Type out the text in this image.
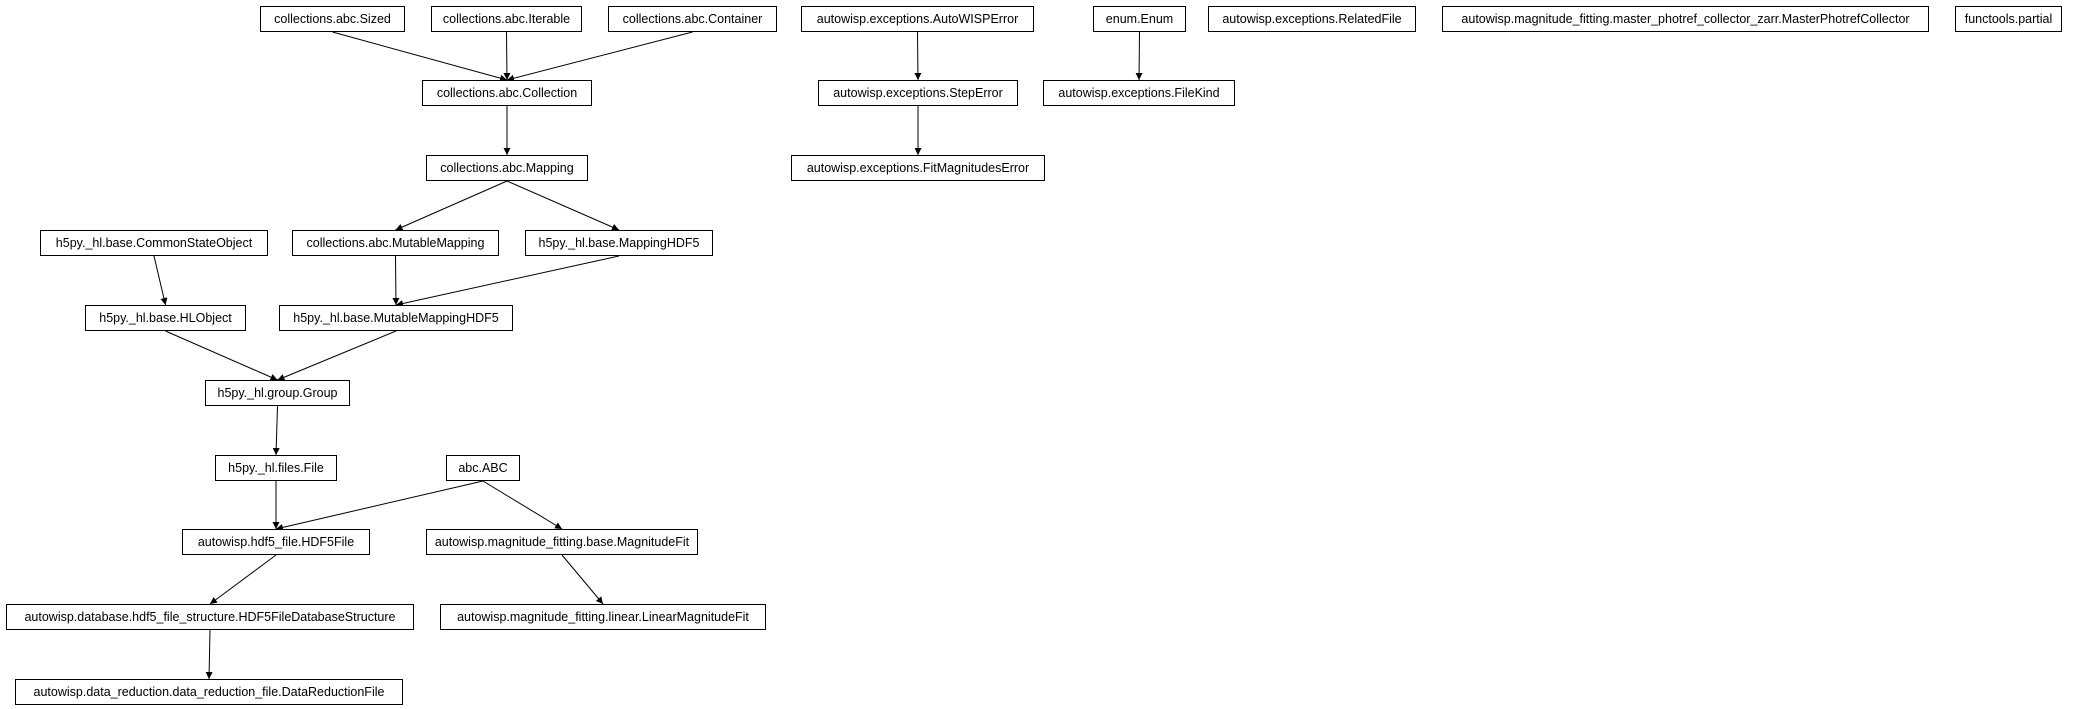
collections.abc.Sized	collections.abc.Iterable	collections.abc.Container
collections.abc.Collection
collections.abc.Mapping
h5py._hl.base.CommonStateObject	collections.abc.MutableMapping	h5py._hl.base.MappingHDF5
h5py._hl.base.HLObject	h5py._hl.base.MutableMappingHDF5
h5py._hl.group.Group
h5py._hl.files.File	abc.ABC
autowisp.hdf5_file.HDF5File	autowisp.magnitude_fitting.base.MagnitudeFit
autowisp.database.hdf5_file_structure.HDF5FileDatabaseStructure	autowisp.magnitude_fitting.linear.LinearMagnitudeFit
autowisp.data_reduction.data_reduction_file.DataReductionFile
autowisp.exceptions.AutoWISPError
autowisp.exceptions.StepError
autowisp.exceptions.FitMagnitudesError
enum.Enum
autowisp.exceptions.FileKind
autowisp.exceptions.RelatedFile	autowisp.magnitude_fitting.master_photref_collector_zarr.MasterPhotrefCollector	functools.partial
